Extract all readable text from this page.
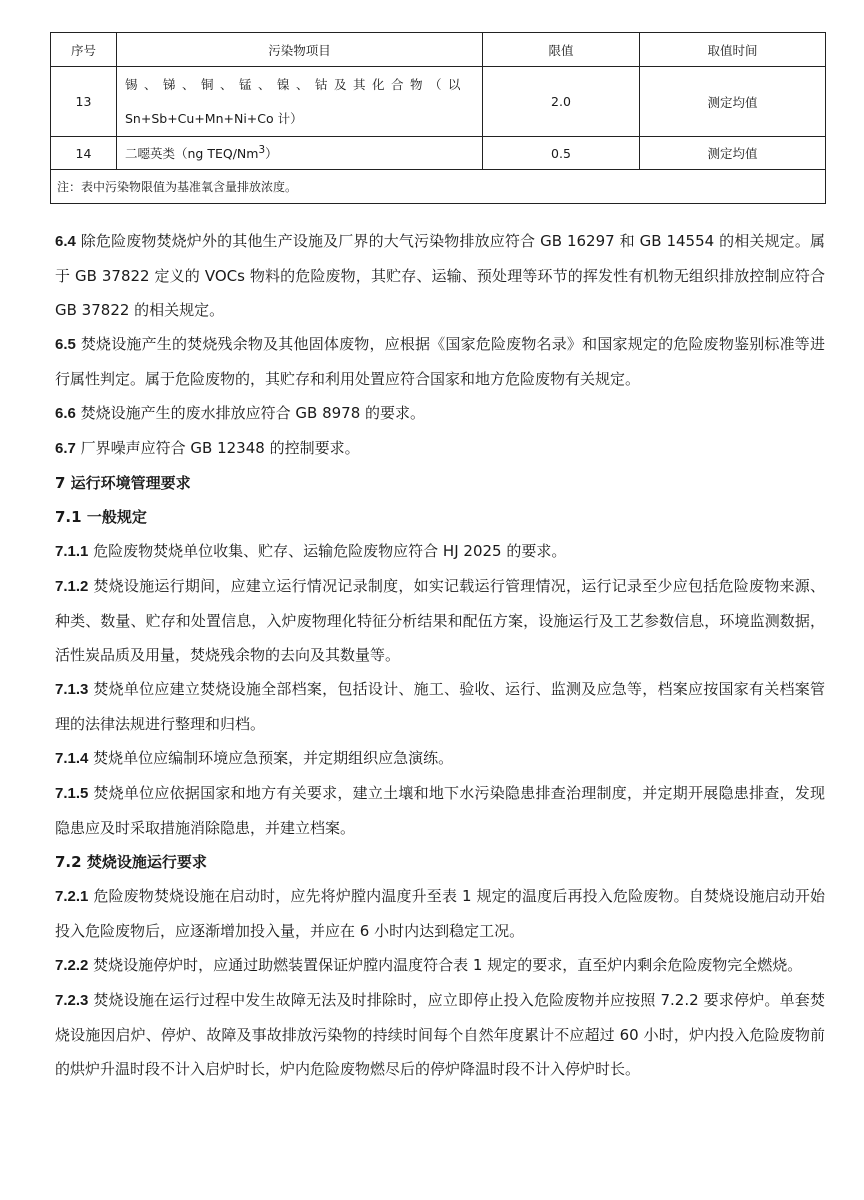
序号	污染物项目	限值	取值时间
13	锡、锑、铜、锰、镍、钴及其化合物（以
Sn+Sb+Cu+Mn+Ni+Co 计）	2.0	测定均值
14	二噁英类（ng TEQ/Nm$^3$）	0.5	测定均值
注：表中污染物限值为基准氧含量排放浓度。			

6.4 除危险废物焚烧炉外的其他生产设施及厂界的大气污染物排放应符合 GB 16297 和 GB 14554 的相关规定。属于 GB 37822 定义的 VOCs 物料的危险废物，其贮存、运输、预处理等环节的挥发性有机物无组织排放控制应符合 GB 37822 的相关规定。

6.5 焚烧设施产生的焚烧残余物及其他固体废物，应根据《国家危险废物名录》和国家规定的危险废物鉴别标准等进行属性判定。属于危险废物的，其贮存和利用处置应符合国家和地方危险废物有关规定。

6.6 焚烧设施产生的废水排放应符合 GB 8978 的要求。

6.7 厂界噪声应符合 GB 12348 的控制要求。

7 运行环境管理要求

7.1 一般规定

7.1.1 危险废物焚烧单位收集、贮存、运输危险废物应符合 HJ 2025 的要求。

7.1.2 焚烧设施运行期间，应建立运行情况记录制度，如实记载运行管理情况，运行记录至少应包括危险废物来源、种类、数量、贮存和处置信息，入炉废物理化特征分析结果和配伍方案，设施运行及工艺参数信息，环境监测数据，活性炭品质及用量，焚烧残余物的去向及其数量等。

7.1.3 焚烧单位应建立焚烧设施全部档案，包括设计、施工、验收、运行、监测及应急等，档案应按国家有关档案管理的法律法规进行整理和归档。

7.1.4 焚烧单位应编制环境应急预案，并定期组织应急演练。

7.1.5 焚烧单位应依据国家和地方有关要求，建立土壤和地下水污染隐患排查治理制度，并定期开展隐患排查，发现隐患应及时采取措施消除隐患，并建立档案。

7.2 焚烧设施运行要求

7.2.1 危险废物焚烧设施在启动时，应先将炉膛内温度升至表 1 规定的温度后再投入危险废物。自焚烧设施启动开始投入危险废物后，应逐渐增加投入量，并应在 6 小时内达到稳定工况。

7.2.2 焚烧设施停炉时，应通过助燃装置保证炉膛内温度符合表 1 规定的要求，直至炉内剩余危险废物完全燃烧。

7.2.3 焚烧设施在运行过程中发生故障无法及时排除时，应立即停止投入危险废物并应按照 7.2.2 要求停炉。单套焚烧设施因启炉、停炉、故障及事故排放污染物的持续时间每个自然年度累计不应超过 60 小时，炉内投入危险废物前的烘炉升温时段不计入启炉时长，炉内危险废物燃尽后的停炉降温时段不计入停炉时长。
